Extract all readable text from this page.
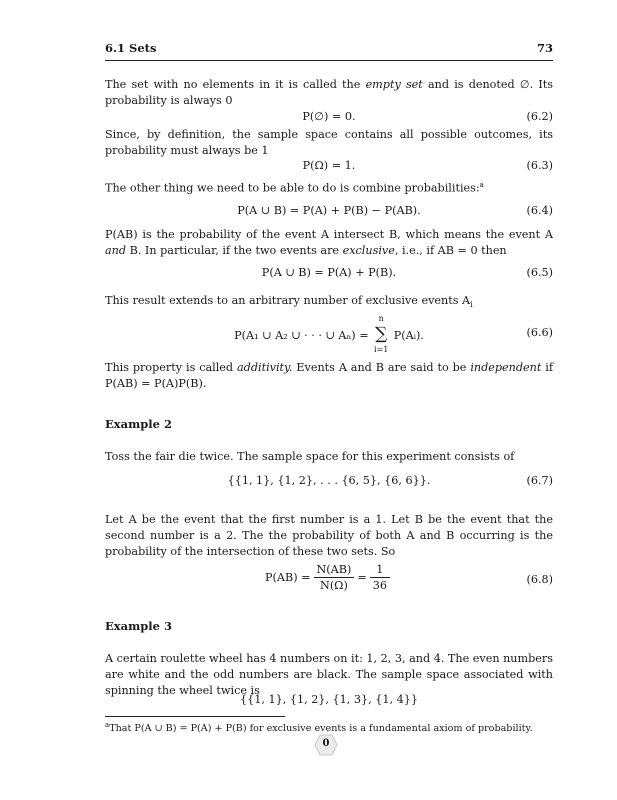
6.1 Sets	73
The set with no elements in it is called the empty set and is denoted ∅. Its probability is always 0
P(∅) = 0.	(6.2)
Since, by definition, the sample space contains all possible outcomes, its probability must always be 1
P(Ω) = 1.	(6.3)
The other thing we need to be able to do is combine probabilities:$^a$
P(A ∪ B) = P(A) + P(B) − P(AB).	(6.4)
P(AB) is the probability of the event A intersect B, which means the event A and B. In particular, if the two events are exclusive, i.e., if AB = 0 then
P(A ∪ B) = P(A) + P(B).	(6.5)
This result extends to an arbitrary number of exclusive events $A_i$
P(A₁ ∪ A₂ ∪ · · · ∪ Aₙ) =
n
∑
i=1
P(Aᵢ).	(6.6)
This property is called additivity. Events A and B are said to be independent if P(AB) = P(A)P(B).
Example 2
Toss the fair die twice. The sample space for this experiment consists of
{{1, 1}, {1, 2}, . . . {6, 5}, {6, 6}}.	(6.7)
Let A be the event that the first number is a 1. Let B be the event that the second number is a 2. The the probability of both A and B occurring is the probability of the intersection of these two sets. So
$P(AB) = \frac{N(AB)}{N(\Omega)} = \frac{1}{36}$	(6.8)
Example 3
A certain roulette wheel has 4 numbers on it: 1, 2, 3, and 4. The even numbers are white and the odd numbers are black. The sample space associated with spinning the wheel twice is
{{1, 1}, {1, 2}, {1, 3}, {1, 4}}
$^a$That P(A ∪ B) = P(A) + P(B) for exclusive events is a fundamental axiom of probability.
0
